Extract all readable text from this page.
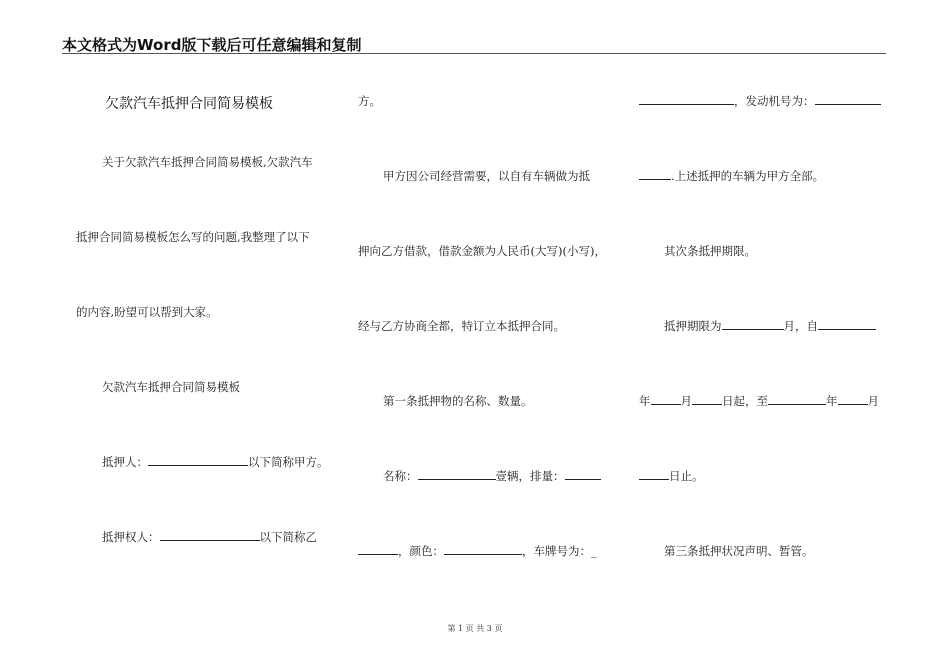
本文格式为Word版下载后可任意编辑和复制
欠款汽车抵押合同简易模板
关于欠款汽车抵押合同简易模板,欠款汽车
抵押合同简易模板怎么写的问题,我整理了以下
的内容,盼望可以帮到大家。
欠款汽车抵押合同简易模板
抵押人：	以下简称甲方。
抵押权人：	以下简称乙
方。
甲方因公司经营需要，以自有车辆做为抵
押向乙方借款，借款金额为人民币(大写)(小写)，
经与乙方协商全都，特订立本抵押合同。
第一条抵押物的名称、数量。
名称：	壹辆，排量：
，颜色：	，车牌号为：_
，发动机号为：
.上述抵押的车辆为甲方全部。
其次条抵押期限。
抵押期限为	月，自
年	月	日起，至	年	月
日止。
第三条抵押状况声明、暂管。
第 1 页 共 3 页
